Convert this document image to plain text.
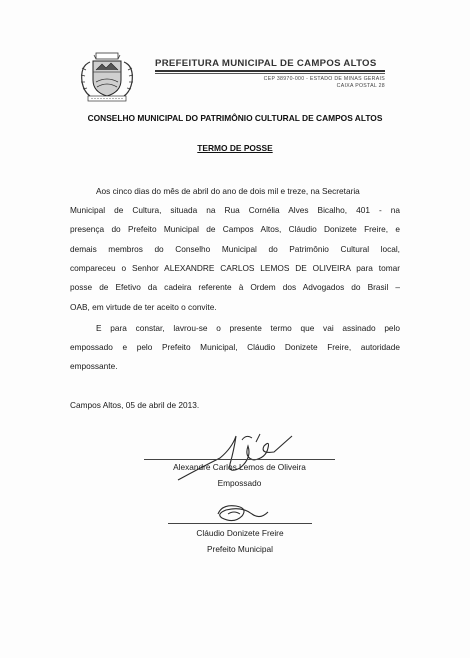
PREFEITURA MUNICIPAL DE CAMPOS ALTOS
CEP 38970-000 - ESTADO DE MINAS GERAIS
CAIXA POSTAL 28
CONSELHO MUNICIPAL DO PATRIMÔNIO CULTURAL DE CAMPOS ALTOS
TERMO DE POSSE
Aos cinco dias do mês de abril do ano de dois mil e treze, na Secretaria
Municipal de Cultura, situada na Rua Cornélia Alves Bicalho, 401 - na
presença do Prefeito Municipal de Campos Altos, Cláudio Donizete Freire, e
demais membros do Conselho Municipal do Patrimônio Cultural local,
compareceu o Senhor ALEXANDRE CARLOS LEMOS DE OLIVEIRA para tomar
posse de Efetivo da cadeira referente à Ordem dos Advogados do Brasil –
OAB, em virtude de ter aceito o convite.
E para constar, lavrou-se o presente termo que vai assinado pelo
empossado e pelo Prefeito Municipal, Cláudio Donizete Freire, autoridade
empossante.
Campos Altos, 05 de abril de 2013.
Alexandre Carlos Lemos de Oliveira
Empossado
Cláudio Donizete Freire
Prefeito Municipal
